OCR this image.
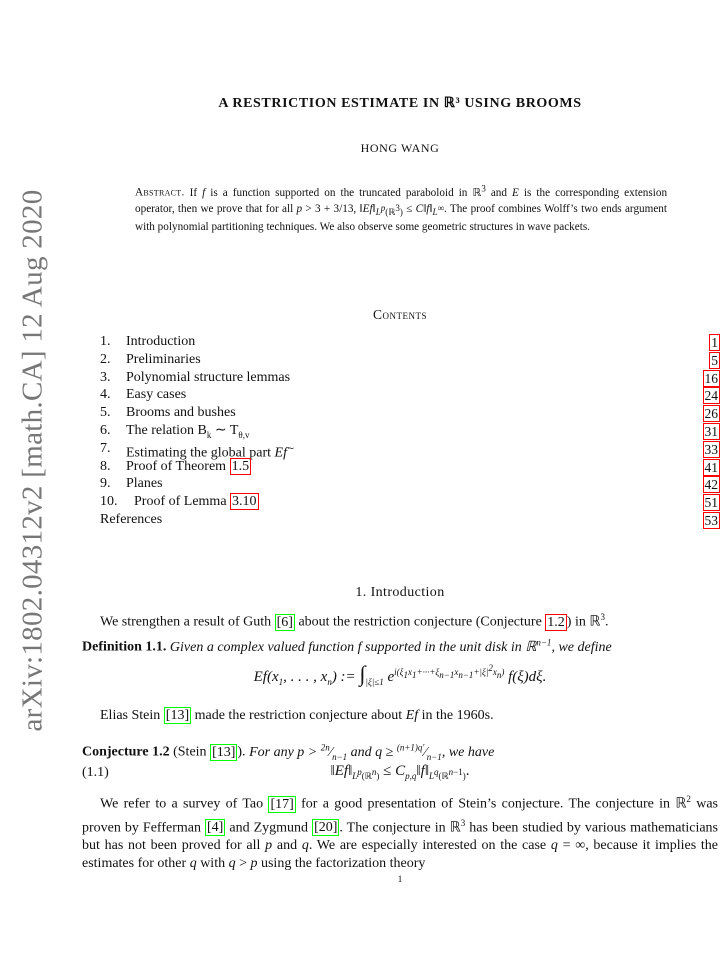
A RESTRICTION ESTIMATE IN ℝ³ USING BROOMS
HONG WANG
Abstract. If f is a function supported on the truncated paraboloid in ℝ$^3$ and E is the corresponding extension operator, then we prove that for all p > 3 + 3/13, $‖Ef‖_{L^p(ℝ^3)}$ ≤ $C‖f‖_{L^\infty}$. The proof combines Wolff’s two ends argument with polynomial partitioning techniques. We also observe some geometric structures in wave packets.
Contents
1. Introduction	1
2. Preliminaries	5
3. Polynomial structure lemmas	16
4. Easy cases	24
5. Brooms and bushes	26
6. The relation $B_k$ ∼ $T_{\theta,v}$	31
7. Estimating the global part Ef∼	33
8. Proof of Theorem 1.5	41
9. Planes	42
10. Proof of Lemma 3.10	51
References	53
1. Introduction
We strengthen a result of Guth [6] about the restriction conjecture (Conjecture 1.2 ) in ℝ$^3$.
Definition 1.1. Given a complex valued function f supported in the unit disk in ℝ$^{n-1}$, we define
$Ef(x_1$, . . . , $x_n$) := $\int_{|\xi|\le 1}$ $e^{i(\xi_1x_1+\cdot\cdot\cdot+\xi_{n-1}x_{n-1}+|\xi|^2x_n)}$ f(ξ)dξ.
Elias Stein [13] made the restriction conjecture about Ef in the 1960s.
Conjecture 1.2 (Stein [13] ). For any $p > ^{2n}⁄_{n-1}$ and $q \ge ^{(n+1)q'}⁄_{n-1}$, we have
(1.1)	$‖Ef‖_{L^p(ℝ^n)}$ ≤ $C_{p,q}‖f‖_{L^q(ℝ^{n-1})}$.
We refer to a survey of Tao [17] for a good presentation of Stein’s conjecture. The conjecture in ℝ$^2$ was proven by Fefferman [4] and Zygmund [20] . The conjecture in ℝ$^3$ has been studied by various mathematicians but has not been proved for all p and q. We are especially interested on the case q = ∞, because it implies the estimates for other q with q > p using the factorization theory
1
arXiv:1802.04312v2 [math.CA] 12 Aug 2020
